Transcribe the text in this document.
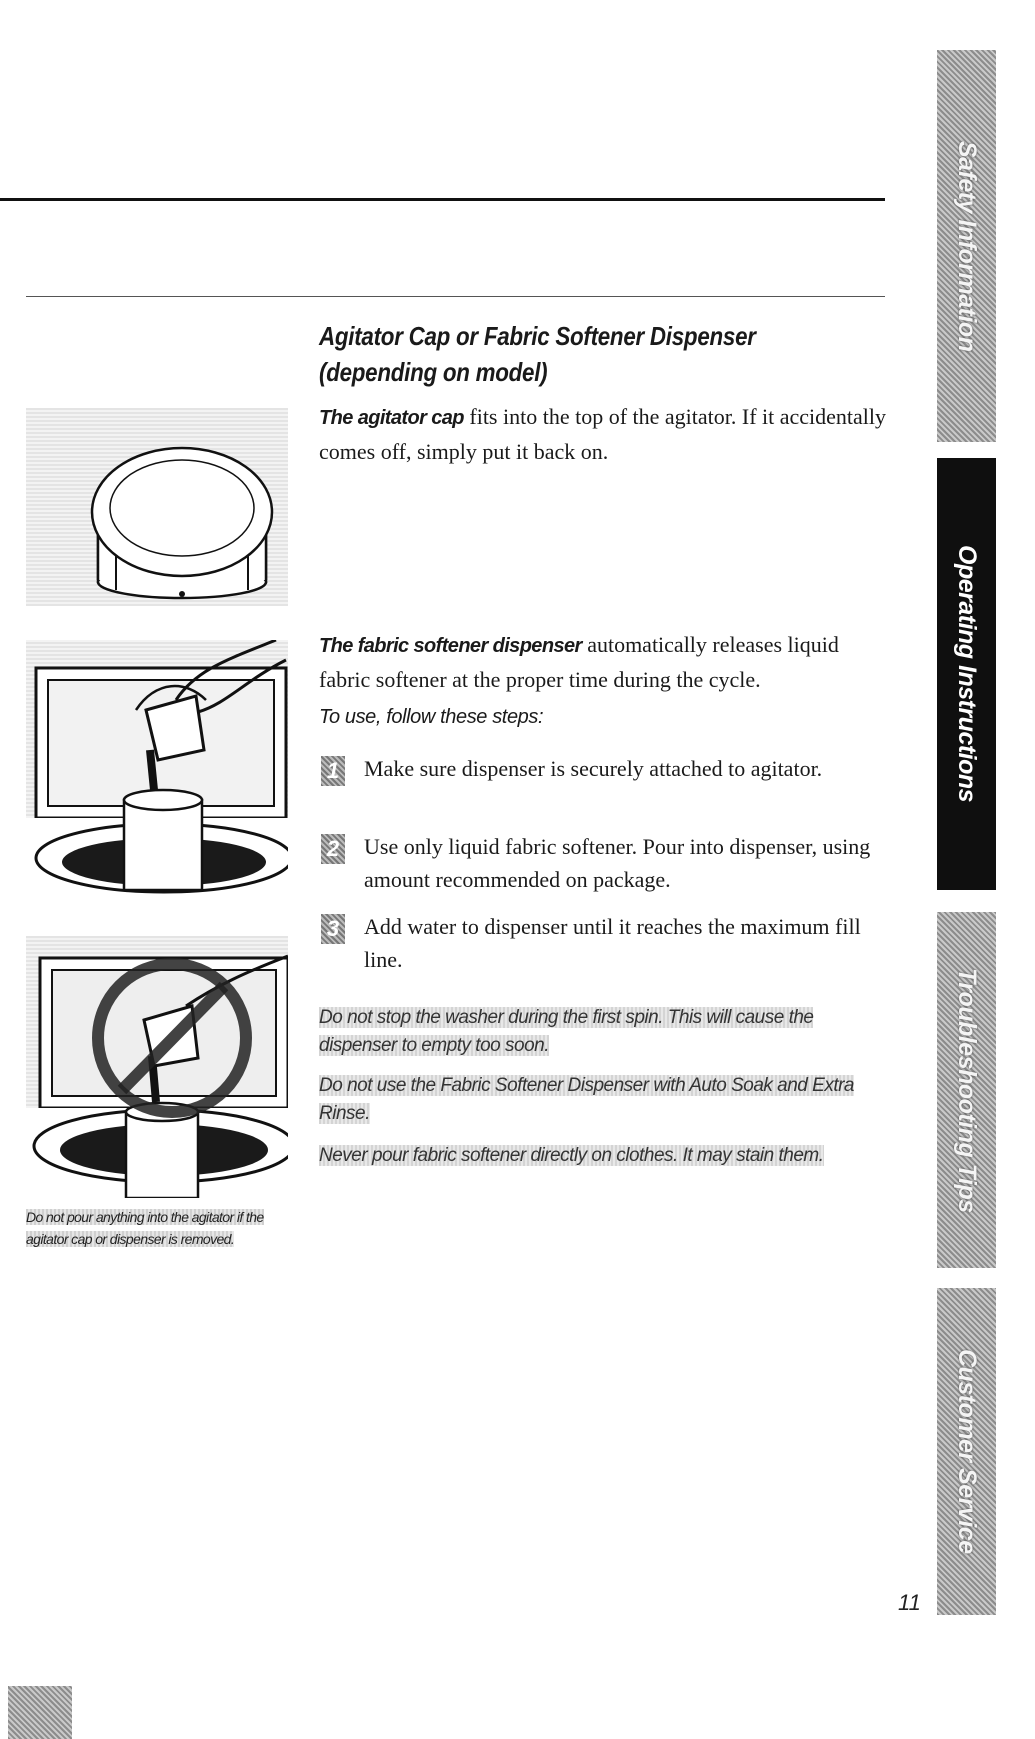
Agitator Cap or Fabric Softener Dispenser
(depending on model)

The agitator cap fits into the top of the agitator. If it accidentally comes off, simply put it back on.

The fabric softener dispenser automatically releases liquid fabric softener at the proper time during the cycle.

To use, follow these steps:

1 Make sure dispenser is securely attached to agitator.
2 Use only liquid fabric softener. Pour into dispenser, using amount recommended on package.
3 Add water to dispenser until it reaches the maximum fill line.
Do not stop the washer during the first spin. This will cause the dispenser to empty too soon.
Do not use the Fabric Softener Dispenser with Auto Soak and Extra Rinse.
Never pour fabric softener directly on clothes. It may stain them.
Do not pour anything into the agitator if the agitator cap or dispenser is removed.
Safety Information
Operating Instructions
Troubleshooting Tips
Customer Service
11
